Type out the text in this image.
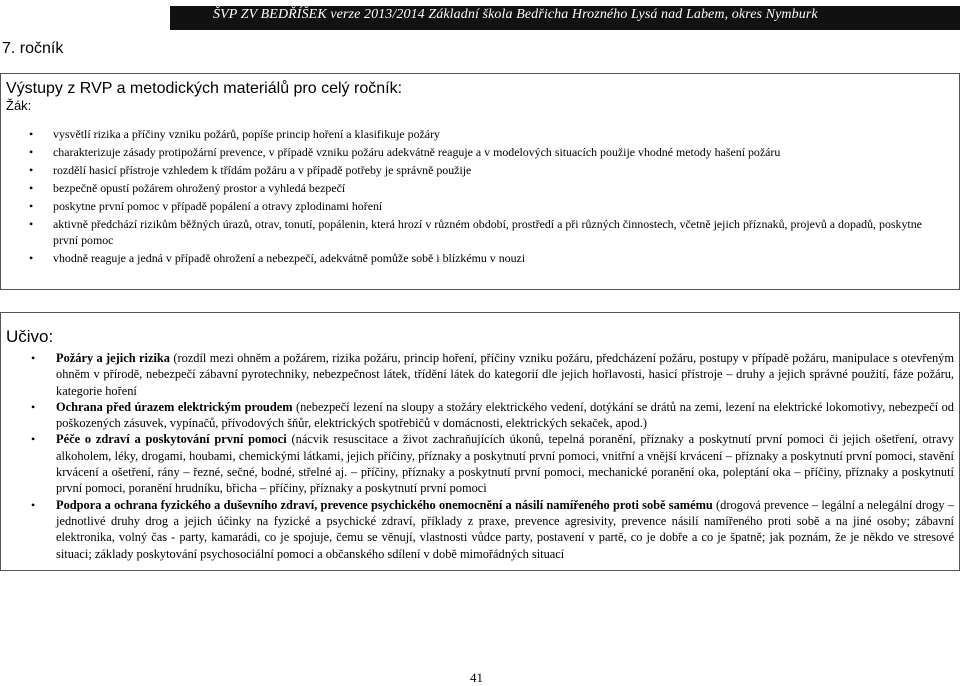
ŠVP ZV BEDŘÍŠEK verze 2013/2014 Základní škola Bedřicha Hrozného Lysá nad Labem, okres Nymburk
7. ročník
Výstupy z RVP a metodických materiálů pro celý ročník:
Žák:
• vysvětlí rizika a příčiny vzniku požárů, popíše princip hoření a klasifikuje požáry
• charakterizuje zásady protipožární prevence, v případě vzniku požáru adekvátně reaguje a v modelových situacích použije vhodné metody hašení požáru
• rozdělí hasicí přístroje vzhledem k třídám požáru a v případě potřeby je správně použije
• bezpečně opustí požárem ohrožený prostor a vyhledá bezpečí
• poskytne první pomoc v případě popálení a otravy zplodinami hoření
• aktivně předchází rizikům běžných úrazů, otrav, tonutí, popálenin, která hrozí v různém období, prostředí a při různých činnostech, včetně jejich příznaků, projevů a dopadů, poskytne první pomoc
• vhodně reaguje a jedná v případě ohrožení a nebezpečí, adekvátně pomůže sobě i blízkému v nouzi
Učivo:
• Požáry a jejich rizika (rozdíl mezi ohněm a požárem, rizika požáru, princip hoření, příčiny vzniku požáru, předcházení požáru, postupy v případě požáru, manipulace s otevřeným ohněm v přírodě, nebezpečí zábavní pyrotechniky, nebezpečnost látek, třídění látek do kategorií dle jejich hořlavosti, hasicí přístroje – druhy a jejich správné použití, fáze požáru, kategorie hoření
• Ochrana před úrazem elektrickým proudem (nebezpečí lezení na sloupy a stožáry elektrického vedení, dotýkání se drátů na zemi, lezení na elektrické lokomotivy, nebezpečí od poškozených zásuvek, vypínačů, přívodových šňůr, elektrických spotřebičů v domácnosti, elektrických sekaček, apod.)
• Péče o zdraví a poskytování první pomoci (nácvik resuscitace a život zachraňujících úkonů, tepelná poranění, příznaky a poskytnutí první pomoci či jejich ošetření, otravy alkoholem, léky, drogami, houbami, chemickými látkami, jejich příčiny, příznaky a poskytnutí první pomoci, vnitřní a vnější krvácení – příznaky a poskytnutí první pomoci, stavění krvácení a ošetření, rány – řezné, sečné, bodné, střelné aj. – příčiny, příznaky a poskytnutí první pomoci, mechanické poranění oka, poleptání oka – příčiny, příznaky a poskytnutí první pomoci, poranění hrudníku, břicha – příčiny, příznaky a poskytnutí první pomoci
• Podpora a ochrana fyzického a duševního zdraví, prevence psychického onemocnění a násilí namířeného proti sobě samému (drogová prevence – legální a nelegální drogy – jednotlivé druhy drog a jejich účinky na fyzické a psychické zdraví, příklady z praxe, prevence agresivity, prevence násilí namířeného proti sobě a na jiné osoby; zábavní elektronika, volný čas - party, kamarádi, co je spojuje, čemu se věnují, vlastnosti vůdce party, postavení v partě, co je dobře a co je špatně; jak poznám, že je někdo ve stresové situaci; základy poskytování psychosociální pomoci a občanského sdílení v době mimořádných situací
41
